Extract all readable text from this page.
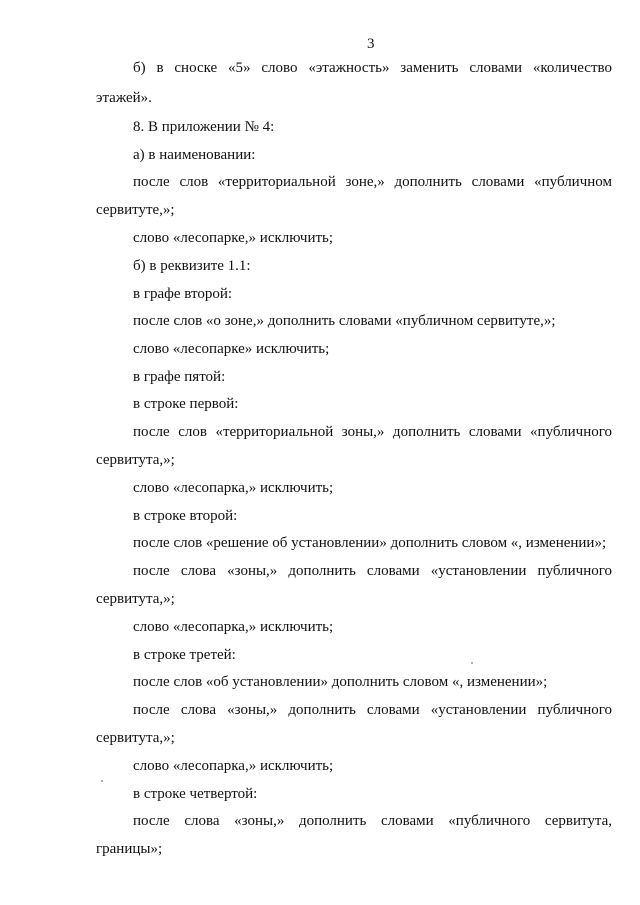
3
б) в сноске «5» слово «этажность» заменить словами «количество
этажей».
8. В приложении № 4:
а) в наименовании:
после слов «территориальной зоне,» дополнить словами «публичном
сервитуте,»;
слово «лесопарке,» исключить;
б) в реквизите 1.1:
в графе второй:
после слов «о зоне,» дополнить словами «публичном сервитуте,»;
слово «лесопарке» исключить;
в графе пятой:
в строке первой:
после слов «территориальной зоны,» дополнить словами «публичного
сервитута,»;
слово «лесопарка,» исключить;
в строке второй:
после слов «решение об установлении» дополнить словом «, изменении»;
после слова «зоны,» дополнить словами «установлении публичного
сервитута,»;
слово «лесопарка,» исключить;
в строке третей:
после слов «об установлении» дополнить словом «, изменении»;
после слова «зоны,» дополнить словами «установлении публичного
сервитута,»;
слово «лесопарка,» исключить;
в строке четвертой:
после слова «зоны,» дополнить словами «публичного сервитута,
границы»;
